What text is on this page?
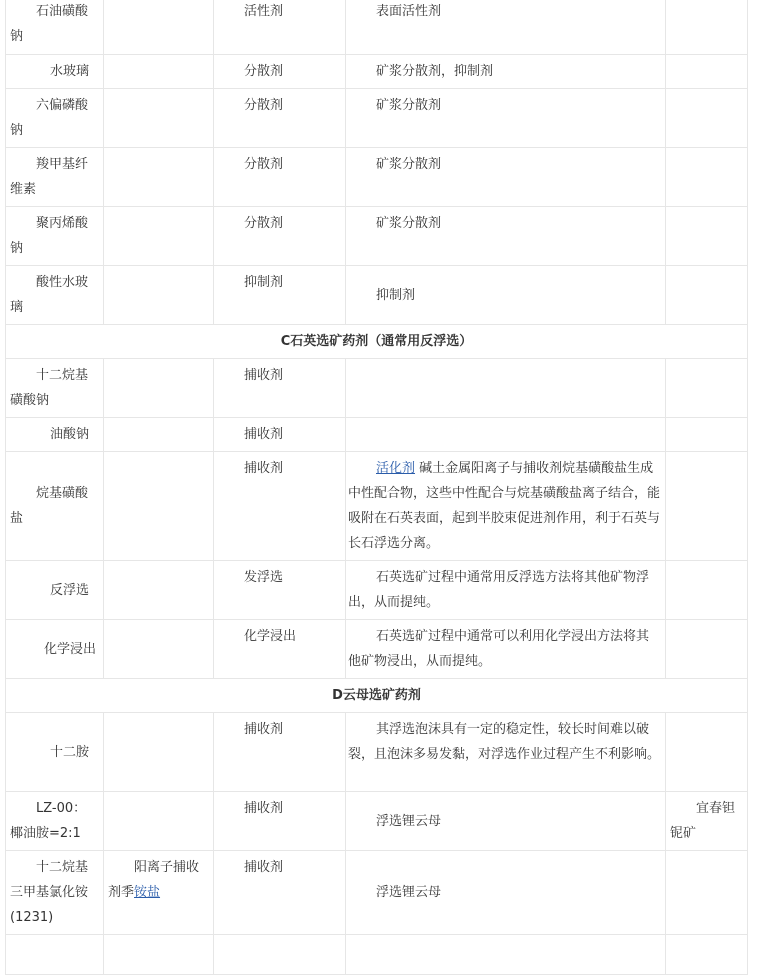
石油磺酸钠		活性剂	表面活性剂	
水玻璃		分散剂	矿浆分散剂，抑制剂	
六偏磷酸钠		分散剂	矿浆分散剂	
羧甲基纤维素		分散剂	矿浆分散剂	
聚丙烯酸钠		分散剂	矿浆分散剂	
酸性水玻璃		抑制剂	抑制剂	
C石英选矿药剂（通常用反浮选）				
十二烷基磺酸钠		捕收剂		
油酸钠		捕收剂		
烷基磺酸盐		捕收剂	活化剂 碱土金属阳离子与捕收剂烷基磺酸盐生成中性配合物，这些中性配合与烷基磺酸盐离子结合，能吸附在石英表面，起到半胶束促进剂作用，利于石英与长石浮选分离。	
反浮选		发浮选	石英选矿过程中通常用反浮选方法将其他矿物浮出，从而提纯。	
化学浸出		化学浸出	石英选矿过程中通常可以利用化学浸出方法将其他矿物浸出，从而提纯。	
D云母选矿药剂				
十二胺		捕收剂	其浮选泡沫具有一定的稳定性，较长时间难以破裂，且泡沫多易发黏，对浮选作业过程产生不利影响。	
LZ-00：椰油胺=2:1		捕收剂	浮选锂云母	宜春钽铌矿
十二烷基三甲基氯化铵(1231)	阳离子捕收剂季铵盐	捕收剂	浮选锂云母	
